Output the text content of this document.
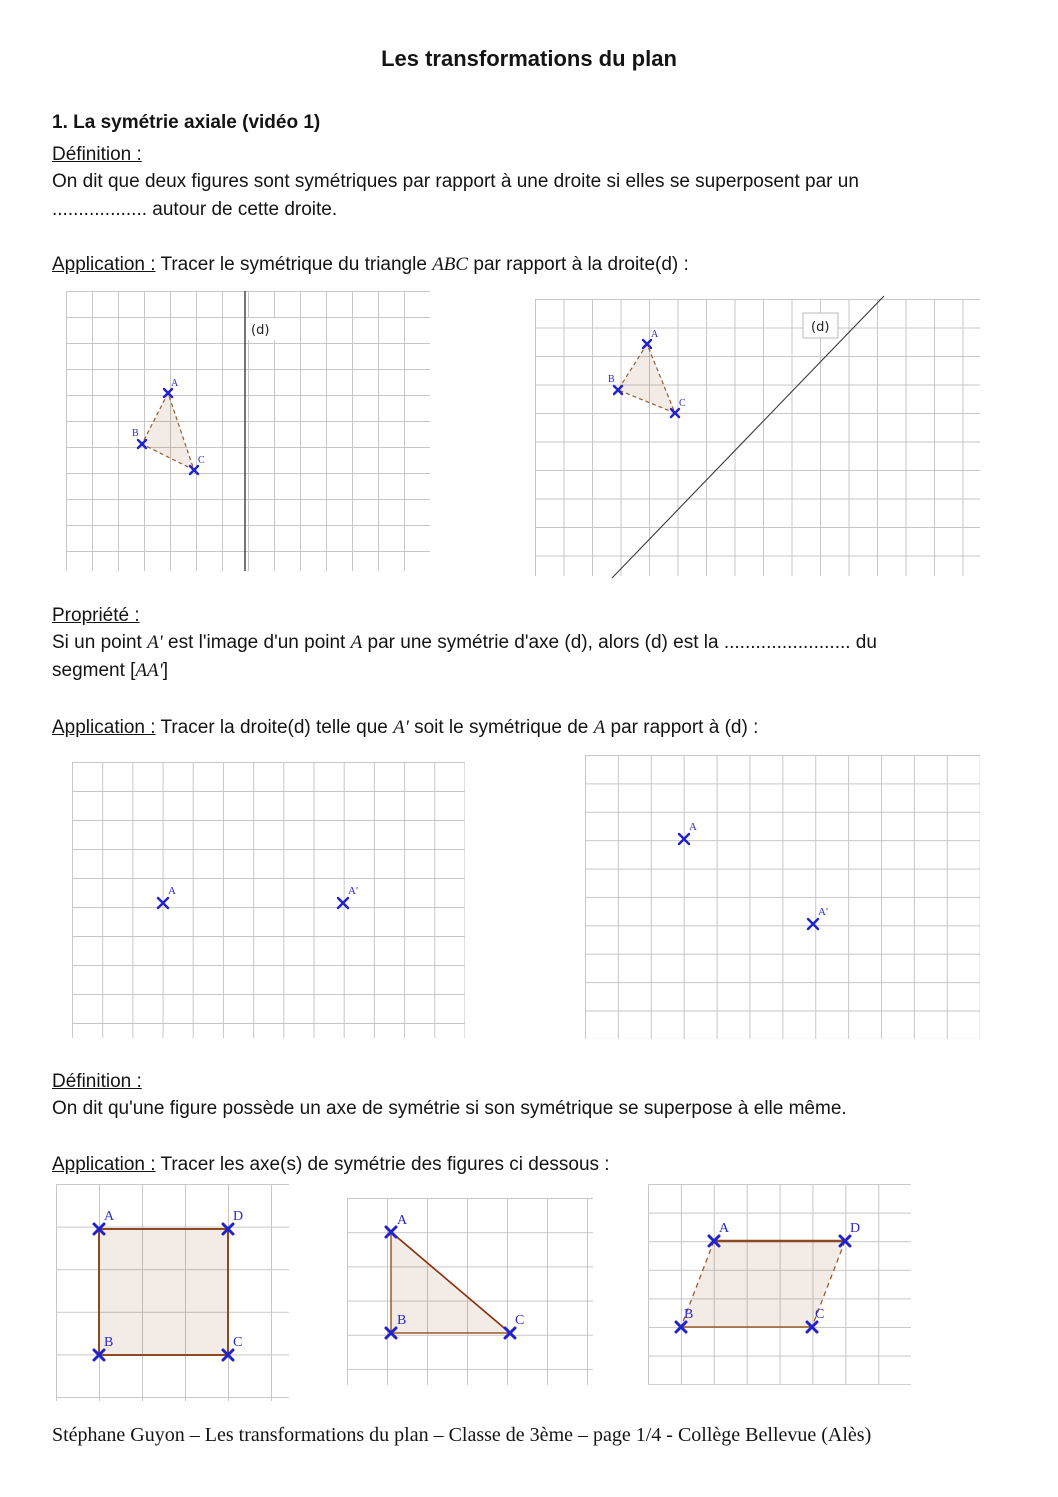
Les transformations du plan
1. La symétrie axiale (vidéo 1)
Définition :
On dit que deux figures sont symétriques par rapport à une droite si elles se superposent par un
.................. autour de cette droite.
Application : Tracer le symétrique du triangle ABC par rapport à la droite(d) :
(d)
A
B
C
(d)
A
B
C
Propriété :
Si un point A' est l'image d'un point A par une symétrie d'axe (d), alors (d) est la ........................ du
segment [AA']
Application : Tracer la droite(d) telle que A' soit le symétrique de A par rapport à (d) :
A	A'
A
A'
Définition :
On dit qu'une figure possède un axe de symétrie si son symétrique se superpose à elle même.
Application : Tracer les axe(s) de symétrie des figures ci dessous :
A	D
B	C
A
B	C
A	D
B	C
Stéphane Guyon – Les transformations du plan – Classe de 3ème – page 1/4 - Collège Bellevue (Alès)
